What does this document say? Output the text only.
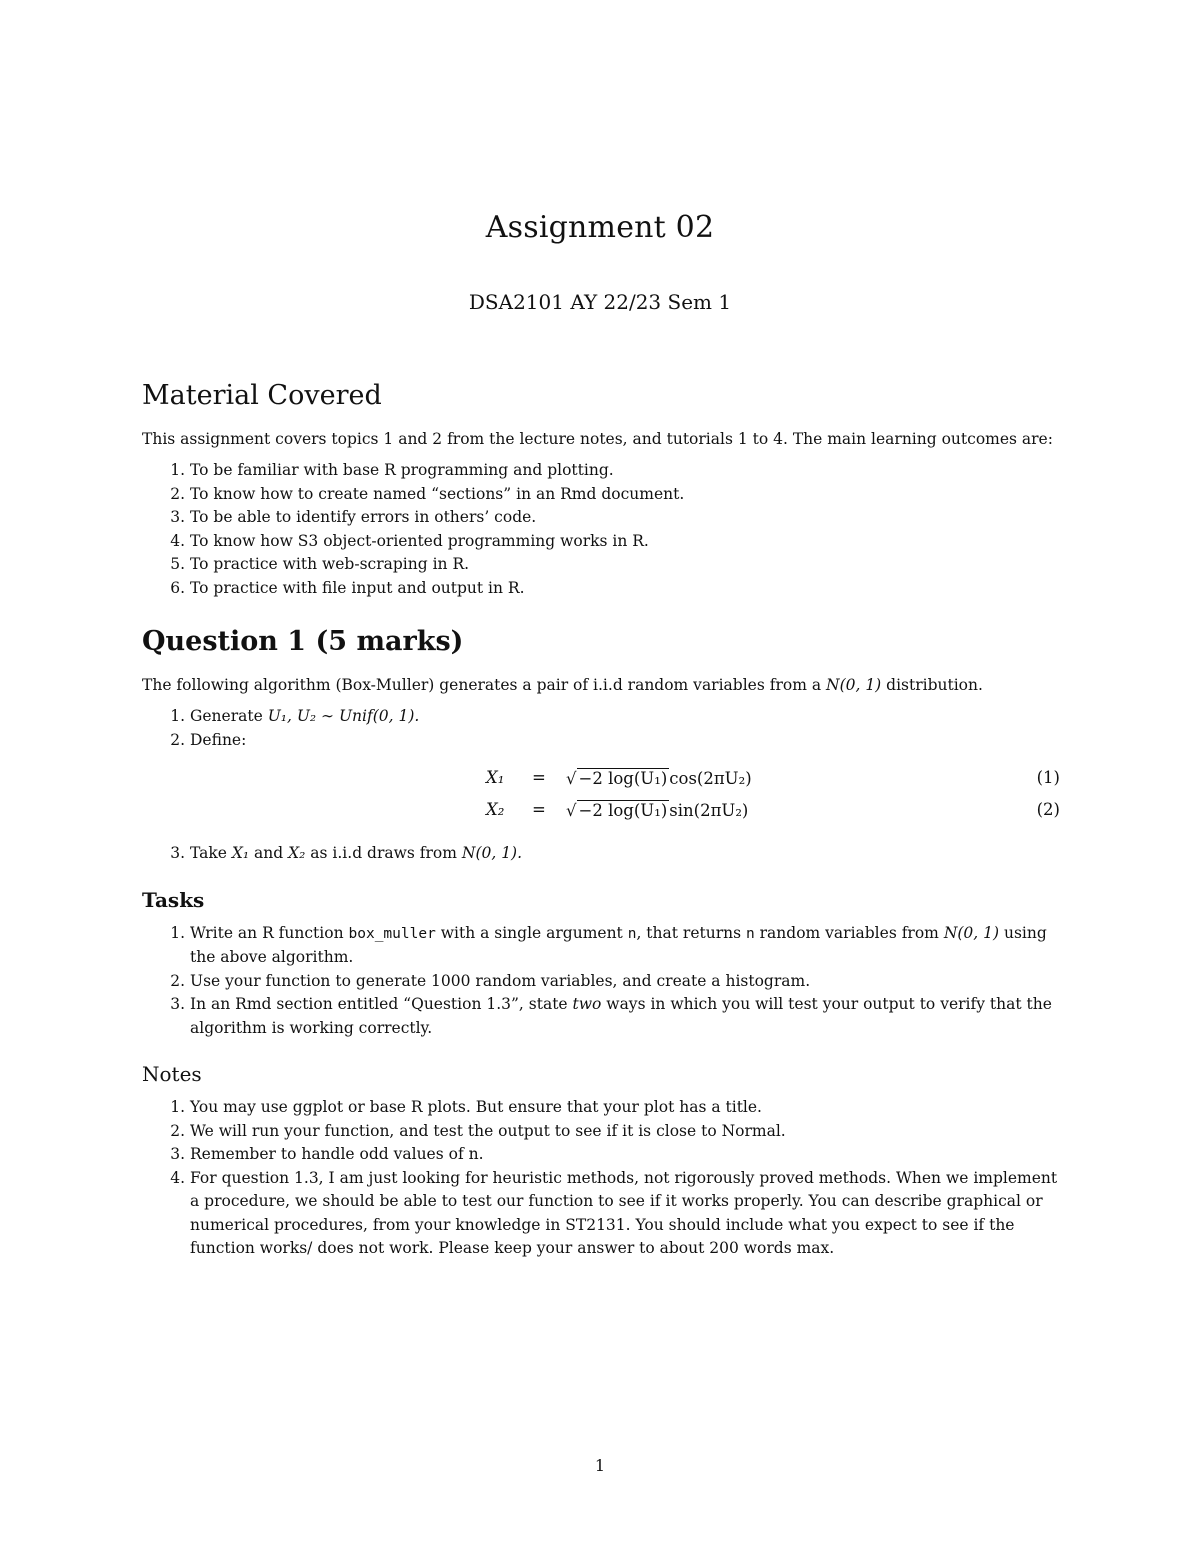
Assignment 02
DSA2101 AY 22/23 Sem 1
Material Covered

This assignment covers topics 1 and 2 from the lecture notes, and tutorials 1 to 4. The main learning outcomes are:

1. To be familiar with base R programming and plotting.
2. To know how to create named “sections” in an Rmd document.
3. To be able to identify errors in others’ code.
4. To know how S3 object-oriented programming works in R.
5. To practice with web-scraping in R.
6. To practice with file input and output in R.
Question 1 (5 marks)

The following algorithm (Box-Muller) generates a pair of i.i.d random variables from a N(0, 1) distribution.

1. Generate U₁, U₂ ∼ Unif(0, 1).
2. Define:
X₁ = √ −2 log(U₁) cos(2πU₂)	(1)
X₂ = √ −2 log(U₁) sin(2πU₂)	(2)
3. Take X₁ and X₂ as i.i.d draws from N(0, 1).
Tasks
1. Write an R function box_muller with a single argument n, that returns n random variables from N(0, 1) using the above algorithm.
2. Use your function to generate 1000 random variables, and create a histogram.
3. In an Rmd section entitled “Question 1.3”, state two ways in which you will test your output to verify that the algorithm is working correctly.
Notes
1. You may use ggplot or base R plots. But ensure that your plot has a title.
2. We will run your function, and test the output to see if it is close to Normal.
3. Remember to handle odd values of n.
4. For question 1.3, I am just looking for heuristic methods, not rigorously proved methods. When we implement a procedure, we should be able to test our function to see if it works properly. You can describe graphical or numerical procedures, from your knowledge in ST2131. You should include what you expect to see if the function works/ does not work. Please keep your answer to about 200 words max.
1
